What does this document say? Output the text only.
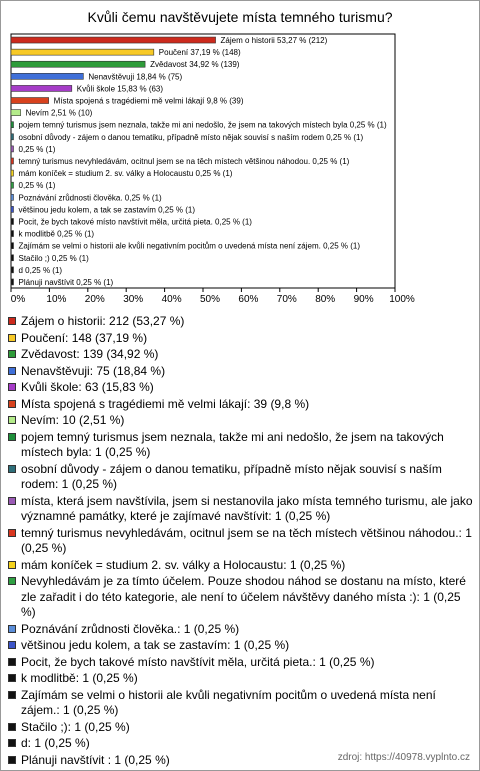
Kvůli čemu navštěvujete místa temného turismu?
Zájem o historii 53,27 % (212)
Poučení 37,19 % (148)
Zvědavost 34,92 % (139)
Nenavštěvuji 18,84 % (75)
Kvůli škole 15,83 % (63)
Místa spojená s tragédiemi mě velmi lákají 9,8 % (39)
Nevím 2,51 % (10)
pojem temný turismus jsem neznala, takže mi ani nedošlo, že jsem na takových místech byla 0,25 % (1)
osobní důvody - zájem o danou tematiku, případně místo nějak souvisí s naším rodem 0,25 % (1)
0,25 % (1)
temný turismus nevyhledávám, ocitnul jsem se na těch místech většinou náhodou. 0,25 % (1)
mám koníček = studium 2. sv. války a Holocaustu 0,25 % (1)
0,25 % (1)
Poznávání zrůdnosti člověka. 0,25 % (1)
většinou jedu kolem, a tak se zastavím 0,25 % (1)
Pocit, že bych takové místo navštívit měla, určitá pieta. 0,25 % (1)
k modlitbě 0,25 % (1)
Zajímám se velmi o historii ale kvůli negativním pocitům o uvedená místa není zájem. 0,25 % (1)
Stačilo ;) 0,25 % (1)
d 0,25 % (1)
Plánuji navštívit 0,25 % (1)
0% 10% 20% 30% 40% 50% 60% 70% 80% 90% 100%
Zájem o historii: 212 (53,27 %)
Poučení: 148 (37,19 %)
Zvědavost: 139 (34,92 %)
Nenavštěvuji: 75 (18,84 %)
Kvůli škole: 63 (15,83 %)
Místa spojená s tragédiemi mě velmi lákají: 39 (9,8 %)
Nevím: 10 (2,51 %)
pojem temný turismus jsem neznala, takže mi ani nedošlo, že jsem na takových místech byla: 1 (0,25 %)
osobní důvody - zájem o danou tematiku, případně místo nějak souvisí s naším rodem: 1 (0,25 %)
místa, která jsem navštívila, jsem si nestanovila jako místa temného turismu, ale jako významné památky, které je zajímavé navštívit: 1 (0,25 %)
temný turismus nevyhledávám, ocitnul jsem se na těch místech většinou náhodou.: 1 (0,25 %)
mám koníček = studium 2. sv. války a Holocaustu: 1 (0,25 %)
Nevyhledávám je za tímto účelem. Pouze shodou náhod se dostanu na místo, které zle zařadit i do této kategorie, ale není to účelem návštěvy daného místa :): 1 (0,25 %)
Poznávání zrůdnosti člověka.: 1 (0,25 %)
většinou jedu kolem, a tak se zastavím: 1 (0,25 %)
Pocit, že bych takové místo navštívit měla, určitá pieta.: 1 (0,25 %)
k modlitbě: 1 (0,25 %)
Zajímám se velmi o historii ale kvůli negativním pocitům o uvedená místa není zájem.: 1 (0,25 %)
Stačilo ;): 1 (0,25 %)
d: 1 (0,25 %)
Plánuji navštívit : 1 (0,25 %)	zdroj: https://40978.vyplnto.cz
